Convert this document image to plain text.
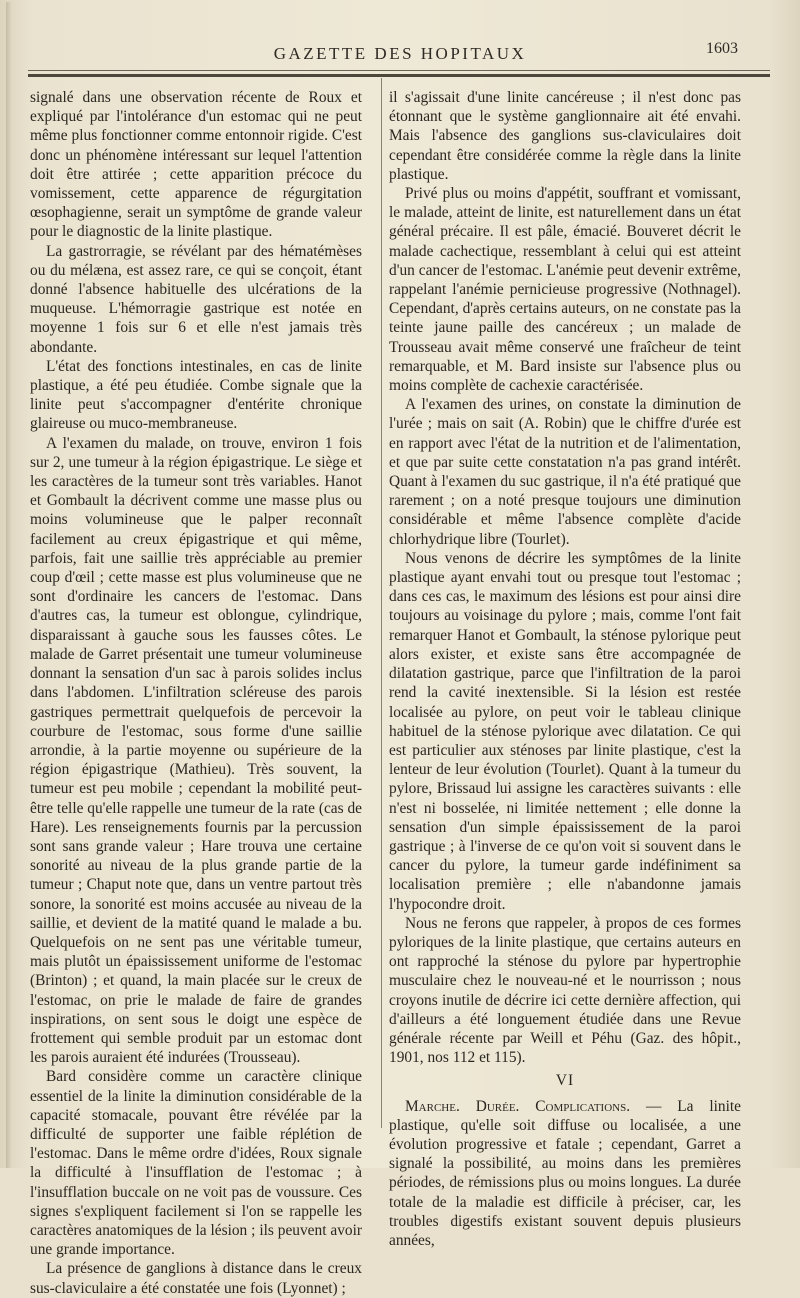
GAZETTE DES HOPITAUX	1603

signalé dans une observation récente de Roux et expliqué par l'intolérance d'un estomac qui ne peut même plus fonctionner comme entonnoir rigide. C'est donc un phénomène intéressant sur lequel l'attention doit être attirée ; cette apparition précoce du vomissement, cette apparence de régurgitation œsophagienne, serait un symptôme de grande valeur pour le diagnostic de la linite plastique.

La gastrorragie, se révélant par des hématémèses ou du mélæna, est assez rare, ce qui se conçoit, étant donné l'absence habituelle des ulcérations de la muqueuse. L'hémorragie gastrique est notée en moyenne 1 fois sur 6 et elle n'est jamais très abondante.

L'état des fonctions intestinales, en cas de linite plastique, a été peu étudiée. Combe signale que la linite peut s'accompagner d'entérite chronique glaireuse ou muco-membraneuse.

A l'examen du malade, on trouve, environ 1 fois sur 2, une tumeur à la région épigastrique. Le siège et les caractères de la tumeur sont très variables. Hanot et Gombault la décrivent comme une masse plus ou moins volumineuse que le palper reconnaît facilement au creux épigastrique et qui même, parfois, fait une saillie très appréciable au premier coup d'œil ; cette masse est plus volumineuse que ne sont d'ordinaire les cancers de l'estomac. Dans d'autres cas, la tumeur est oblongue, cylindrique, disparaissant à gauche sous les fausses côtes. Le malade de Garret présentait une tumeur volumineuse donnant la sensation d'un sac à parois solides inclus dans l'abdomen. L'infiltration scléreuse des parois gastriques permettrait quelquefois de percevoir la courbure de l'estomac, sous forme d'une saillie arrondie, à la partie moyenne ou supérieure de la région épigastrique (Mathieu). Très souvent, la tumeur est peu mobile ; cependant la mobilité peut-être telle qu'elle rappelle une tumeur de la rate (cas de Hare). Les renseignements fournis par la percussion sont sans grande valeur ; Hare trouva une certaine sonorité au niveau de la plus grande partie de la tumeur ; Chaput note que, dans un ventre partout très sonore, la sonorité est moins accusée au niveau de la saillie, et devient de la matité quand le malade a bu. Quelquefois on ne sent pas une véritable tumeur, mais plutôt un épaississement uniforme de l'estomac (Brinton) ; et quand, la main placée sur le creux de l'estomac, on prie le malade de faire de grandes inspirations, on sent sous le doigt une espèce de frottement qui semble produit par un estomac dont les parois auraient été indurées (Trousseau).

Bard considère comme un caractère clinique essentiel de la linite la diminution considérable de la capacité stomacale, pouvant être révélée par la difficulté de supporter une faible réplétion de l'estomac. Dans le même ordre d'idées, Roux signale la difficulté à l'insufflation de l'estomac ; à l'insufflation buccale on ne voit pas de voussure. Ces signes s'expliquent facilement si l'on se rappelle les caractères anatomiques de la lésion ; ils peuvent avoir une grande importance.

La présence de ganglions à distance dans le creux sus-claviculaire a été constatée une fois (Lyonnet) ;

il s'agissait d'une linite cancéreuse ; il n'est donc pas étonnant que le système ganglionnaire ait été envahi. Mais l'absence des ganglions sus-claviculaires doit cependant être considérée comme la règle dans la linite plastique.

Privé plus ou moins d'appétit, souffrant et vomissant, le malade, atteint de linite, est naturellement dans un état général précaire. Il est pâle, émacié. Bouveret décrit le malade cachectique, ressemblant à celui qui est atteint d'un cancer de l'estomac. L'anémie peut devenir extrême, rappelant l'anémie pernicieuse progressive (Nothnagel). Cependant, d'après certains auteurs, on ne constate pas la teinte jaune paille des cancéreux ; un malade de Trousseau avait même conservé une fraîcheur de teint remarquable, et M. Bard insiste sur l'absence plus ou moins complète de cachexie caractérisée.

A l'examen des urines, on constate la diminution de l'urée ; mais on sait (A. Robin) que le chiffre d'urée est en rapport avec l'état de la nutrition et de l'alimentation, et que par suite cette constatation n'a pas grand intérêt. Quant à l'examen du suc gastrique, il n'a été pratiqué que rarement ; on a noté presque toujours une diminution considérable et même l'absence complète d'acide chlorhydrique libre (Tourlet).

Nous venons de décrire les symptômes de la linite plastique ayant envahi tout ou presque tout l'estomac ; dans ces cas, le maximum des lésions est pour ainsi dire toujours au voisinage du pylore ; mais, comme l'ont fait remarquer Hanot et Gombault, la sténose pylorique peut alors exister, et existe sans être accompagnée de dilatation gastrique, parce que l'infiltration de la paroi rend la cavité inextensible. Si la lésion est restée localisée au pylore, on peut voir le tableau clinique habituel de la sténose pylorique avec dilatation. Ce qui est particulier aux sténoses par linite plastique, c'est la lenteur de leur évolution (Tourlet). Quant à la tumeur du pylore, Brissaud lui assigne les caractères suivants : elle n'est ni bosselée, ni limitée nettement ; elle donne la sensation d'un simple épaississement de la paroi gastrique ; à l'inverse de ce qu'on voit si souvent dans le cancer du pylore, la tumeur garde indéfiniment sa localisation première ; elle n'abandonne jamais l'hypocondre droit.

Nous ne ferons que rappeler, à propos de ces formes pyloriques de la linite plastique, que certains auteurs en ont rapproché la sténose du pylore par hypertrophie musculaire chez le nouveau-né et le nourrisson ; nous croyons inutile de décrire ici cette dernière affection, qui d'ailleurs a été longuement étudiée dans une Revue générale récente par Weill et Péhu (Gaz. des hôpit., 1901, nos 112 et 115).

VI

Marche. Durée. Complications. — La linite plastique, qu'elle soit diffuse ou localisée, a une évolution progressive et fatale ; cependant, Garret a signalé la possibilité, au moins dans les premières périodes, de rémissions plus ou moins longues. La durée totale de la maladie est difficile à préciser, car, les troubles digestifs existant souvent depuis plusieurs années,
